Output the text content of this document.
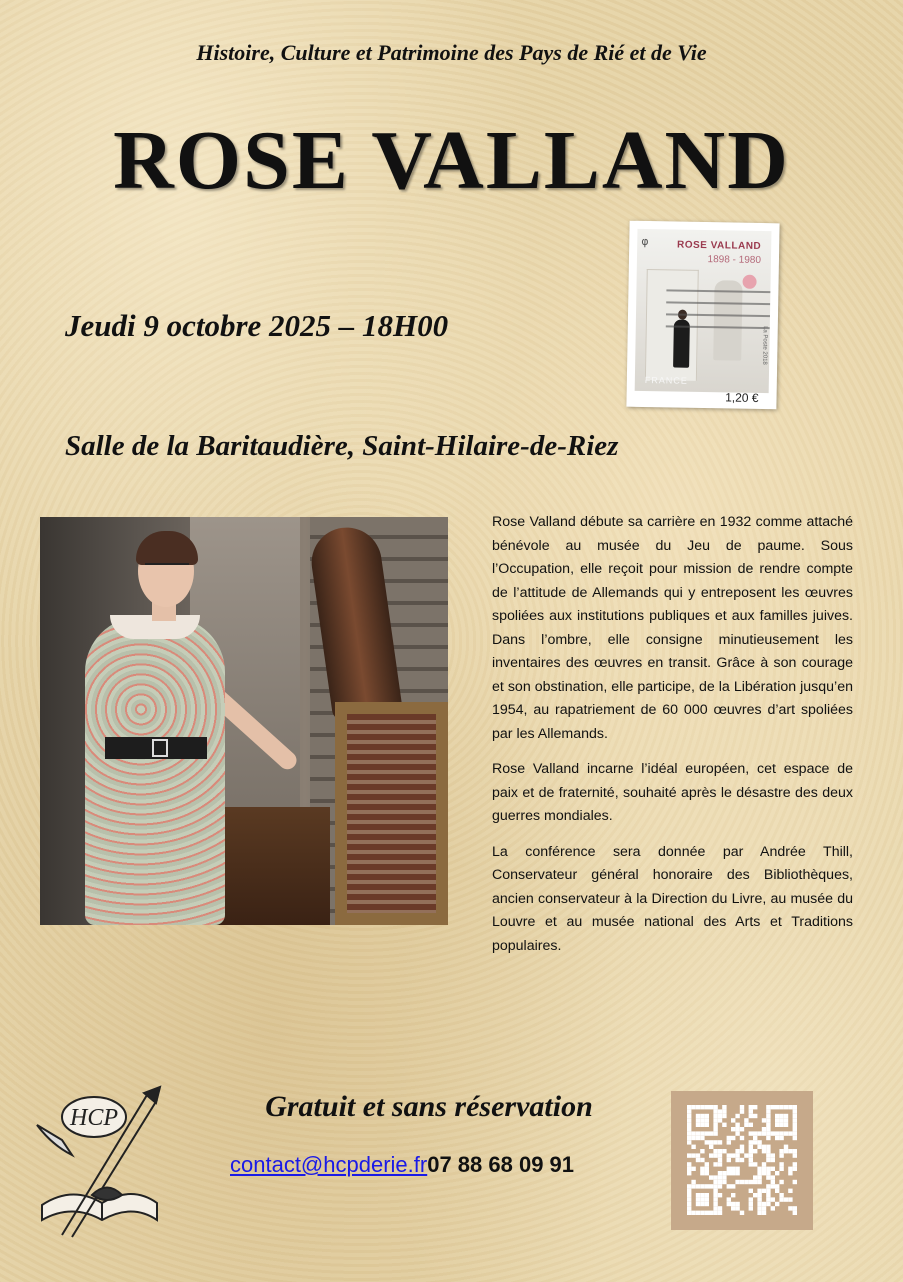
Histoire, Culture et Patrimoine des Pays de Rié et de Vie
ROSE VALLAND
φ	ROSE VALLAND
1898 - 1980
La Poste 2018
FRANCE
1,20 €
Jeudi 9 octobre 2025 – 18H00
Salle de la Baritaudière, Saint-Hilaire-de-Riez

Rose Valland débute sa carrière en 1932 comme attaché bénévole au musée du Jeu de paume. Sous l’Occupation, elle reçoit pour mission de rendre compte de l’attitude de Allemands qui y entreposent les œuvres spoliées aux institutions publiques et aux familles juives. Dans l’ombre, elle consigne minutieusement les inventaires des œuvres en transit. Grâce à son courage et son obstination, elle participe, de la Libération jusqu’en 1954, au rapatriement de 60 000 œuvres d’art spoliées par les Allemands.

Rose Valland incarne l’idéal européen, cet espace de paix et de fraternité, souhaité après le désastre des deux guerres mondiales.

La conférence sera donnée par Andrée Thill, Conservateur général honoraire des Bibliothèques, ancien conservateur à la Direction du Livre, au musée du Louvre et au musée national des Arts et Traditions populaires.

HCP	Gratuit et sans réservation
contact@hcpderie.fr07 88 68 09 91
